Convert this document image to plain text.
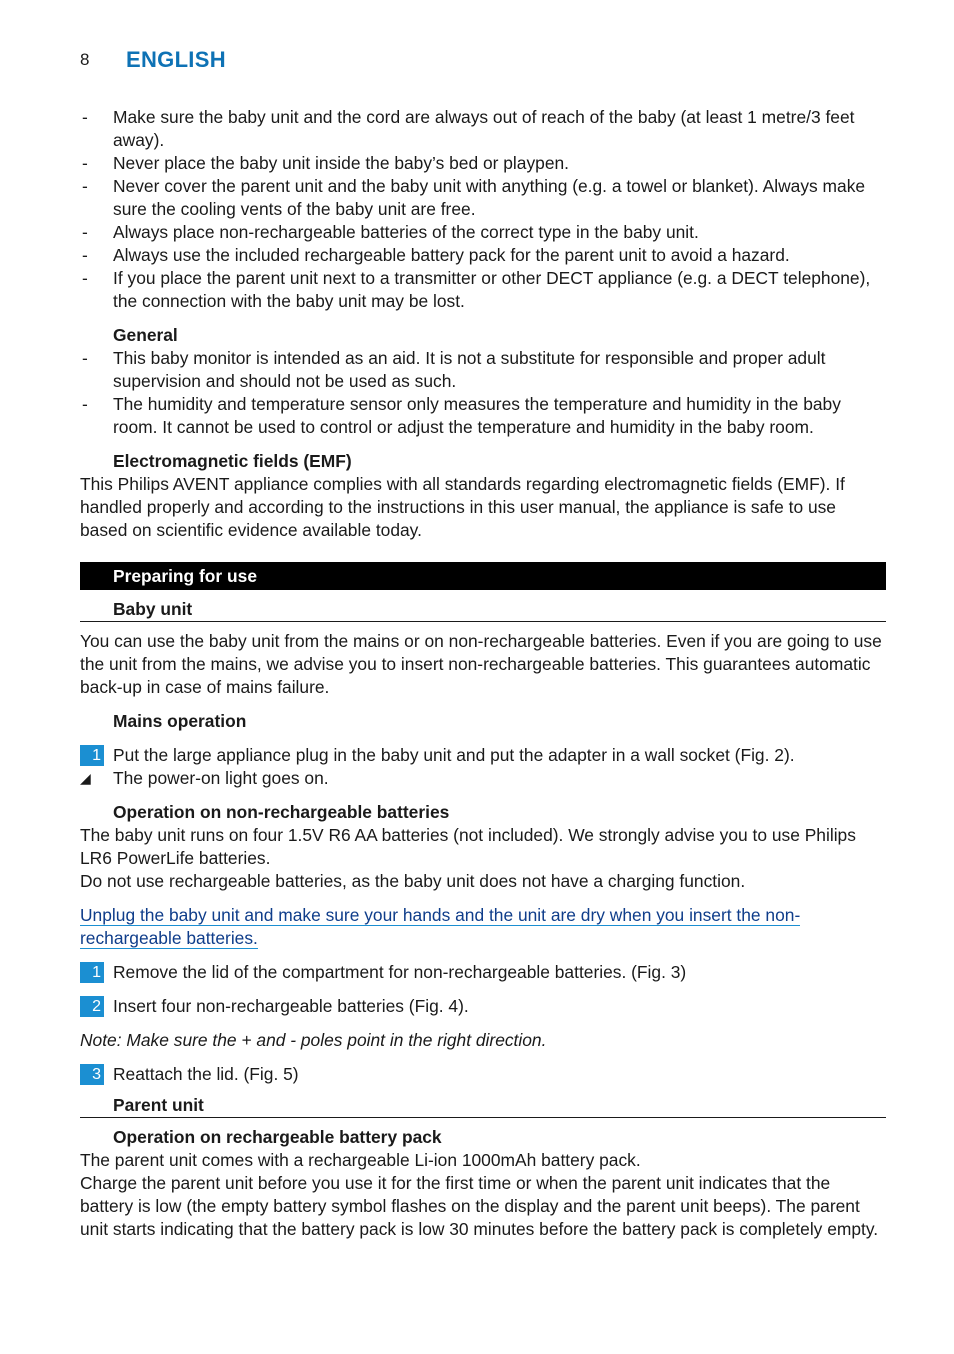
8 ENGLISH
- Make sure the baby unit and the cord are always out of reach of the baby (at least 1 metre/3 feet away).
- Never place the baby unit inside the baby’s bed or playpen.
- Never cover the parent unit and the baby unit with anything (e.g. a towel or blanket). Always make sure the cooling vents of the baby unit are free.
- Always place non-rechargeable batteries of the correct type in the baby unit.
- Always use the included rechargeable battery pack for the parent unit to avoid a hazard.
- If you place the parent unit next to a transmitter or other DECT appliance (e.g. a DECT telephone), the connection with the baby unit may be lost.
General
- This baby monitor is intended as an aid. It is not a substitute for responsible and proper adult supervision and should not be used as such.
- The humidity and temperature sensor only measures the temperature and humidity in the baby room. It cannot be used to control or adjust the temperature and humidity in the baby room.
Electromagnetic fields (EMF)

This Philips AVENT appliance complies with all standards regarding electromagnetic fields (EMF). If handled properly and according to the instructions in this user manual, the appliance is safe to use based on scientific evidence available today.

Preparing for use
Baby unit

You can use the baby unit from the mains or on non-rechargeable batteries. Even if you are going to use the unit from the mains, we advise you to insert non-rechargeable batteries. This guarantees automatic back-up in case of mains failure.

Mains operation
1 Put the large appliance plug in the baby unit and put the adapter in a wall socket (Fig. 2).
◢ The power-on light goes on.
Operation on non-rechargeable batteries

The baby unit runs on four 1.5V R6 AA batteries (not included). We strongly advise you to use Philips LR6 PowerLife batteries.

Do not use rechargeable batteries, as the baby unit does not have a charging function.

Unplug the baby unit and make sure your hands and the unit are dry when you insert the non-rechargeable batteries.
1 Remove the lid of the compartment for non-rechargeable batteries. (Fig. 3)
2 Insert four non-rechargeable batteries (Fig. 4).
Note: Make sure the + and - poles point in the right direction.
3 Reattach the lid. (Fig. 5)
Parent unit
Operation on rechargeable battery pack

The parent unit comes with a rechargeable Li-ion 1000mAh battery pack.

Charge the parent unit before you use it for the first time or when the parent unit indicates that the battery is low (the empty battery symbol flashes on the display and the parent unit beeps). The parent unit starts indicating that the battery pack is low 30 minutes before the battery pack is completely empty.
